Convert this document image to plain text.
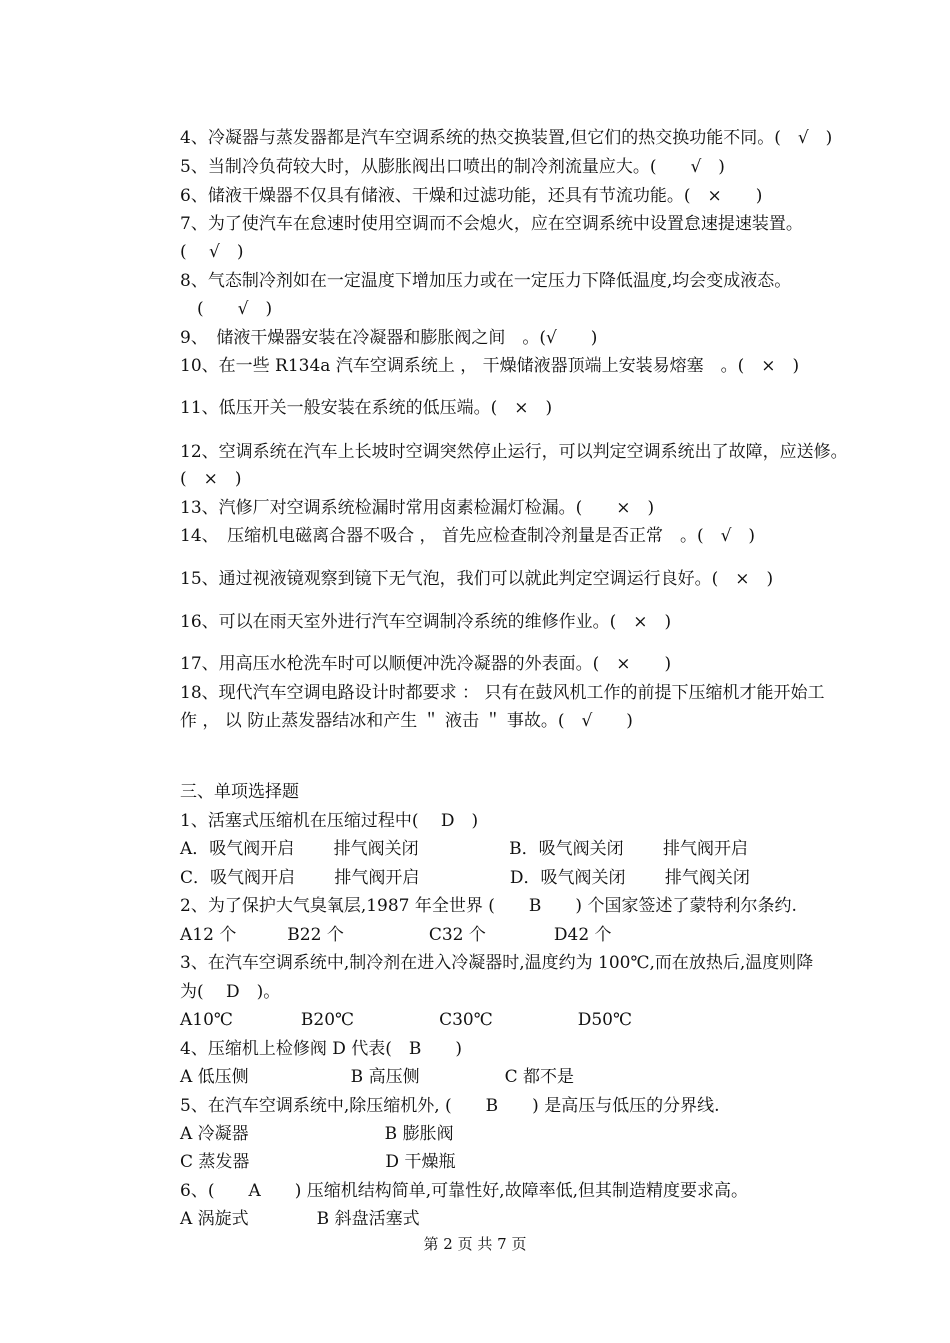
4、冷凝器与蒸发器都是汽车空调系统的热交换装置,但它们的热交换功能不同。(　√　)
5、当制冷负荷较大时，从膨胀阀出口喷出的制冷剂流量应大。(　　√　)
6、储液干燥器不仅具有储液、干燥和过滤功能，还具有节流功能。(　×　　)
7、为了使汽车在怠速时使用空调而不会熄火，应在空调系统中设置怠速提速装置。
(　 √　)
8、气态制冷剂如在一定温度下增加压力或在一定压力下降低温度,均会变成液态。
　(　　√　)
9、　储液干燥器安装在冷凝器和膨胀阀之间　。(√　　)
10、在一些 R134a 汽车空调系统上 ， 干燥储液器顶端上安装易熔塞　。(　×　)
11、低压开关一般安装在系统的低压端。(　×　)
12、空调系统在汽车上长坡时空调突然停止运行，可以判定空调系统出了故障，应送修。
(　×　)
13、汽修厂对空调系统检漏时常用卤素检漏灯检漏。(　　×　)
14、　压缩机电磁离合器不吸合 ， 首先应检查制冷剂量是否正常　。(　√　)
15、通过视液镜观察到镜下无气泡，我们可以就此判定空调运行良好。(　×　)
16、可以在雨天室外进行汽车空调制冷系统的维修作业。(　×　)
17、用高压水枪洗车时可以顺便冲洗冷凝器的外表面。(　×　　)
18、现代汽车空调电路设计时都要求 ： 只有在鼓风机工作的前提下压缩机才能开始工
作 ， 以 防止蒸发器结冰和产生 ＂ 液击 ＂ 事故。(　√　　)
三、单项选择题
1、活塞式压缩机在压缩过程中(　 D　)
A．吸气阀开启　　 排气阀关闭　　　　　 B．吸气阀关闭　　 排气阀开启
C．吸气阀开启　　 排气阀开启　　　　　 D．吸气阀关闭　　 排气阀关闭
2、为了保护大气臭氧层,1987 年全世界 (　　B　　) 个国家签述了蒙特利尔条约.
A12 个　　　B22 个　　　　　C32 个　　　　D42 个
3、在汽车空调系统中,制冷剂在进入冷凝器时,温度约为 100℃,而在放热后,温度则降
为(　 D　)。
A10℃　　　　B20℃　　　　　C30℃　　　　　D50℃
4、压缩机上检修阀 D 代表(　B　　)
A 低压侧　　　　　　B 高压侧　　　　　C 都不是
5、在汽车空调系统中,除压缩机外, (　　B　　) 是高压与低压的分界线.
A 冷凝器　　　　　　　　B 膨胀阀
C 蒸发器　　　　　　　　D 干燥瓶
6、(　　A　　) 压缩机结构简单,可靠性好,故障率低,但其制造精度要求高。
A 涡旋式　　　　B 斜盘活塞式
第 2 页 共 7 页
